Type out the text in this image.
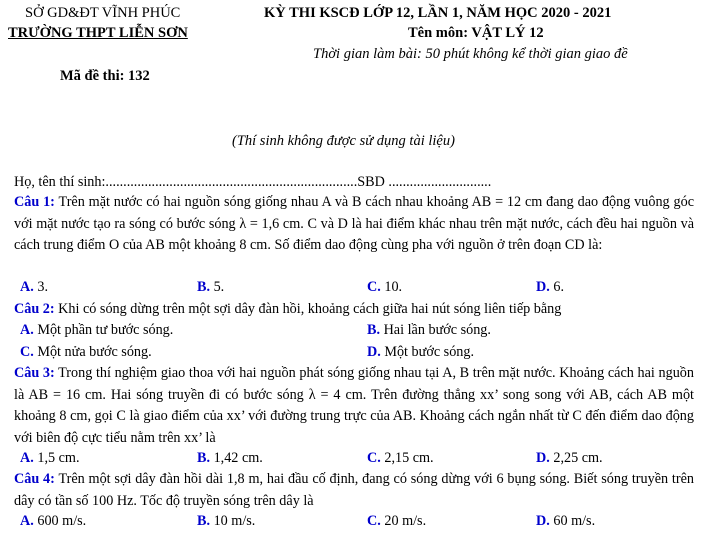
SỞ GD&ĐT VĨNH PHÚC
TRƯỜNG THPT LIỄN SƠN
KỲ THI KSCĐ LỚP 12, LẦN 1, NĂM HỌC 2020 - 2021
Tên môn: VẬT LÝ 12
Thời gian làm bài: 50 phút không kể thời gian giao đề
Mã đề thi: 132
(Thí sinh không được sử dụng tài liệu)
Họ, tên thí sinh:.......................................................................SBD .............................
Câu 1: Trên mặt nước có hai nguồn sóng giống nhau A và B cách nhau khoảng AB = 12 cm đang dao động vuông góc với mặt nước tạo ra sóng có bước sóng λ = 1,6 cm. C và D là hai điểm khác nhau trên mặt nước, cách đều hai nguồn và cách trung điểm O của AB một khoảng 8 cm. Số điểm dao động cùng pha với nguồn ở trên đoạn CD là:
A. 3.	B. 5.	C. 10.	D. 6.
Câu 2: Khi có sóng dừng trên một sợi dây đàn hồi, khoảng cách giữa hai nút sóng liên tiếp bằng
A. Một phần tư bước sóng.	B. Hai lần bước sóng.
C. Một nửa bước sóng.	D. Một bước sóng.
Câu 3: Trong thí nghiệm giao thoa với hai nguồn phát sóng giống nhau tại A, B trên mặt nước. Khoảng cách hai nguồn là AB = 16 cm. Hai sóng truyền đi có bước sóng λ = 4 cm. Trên đường thẳng xx’ song song với AB, cách AB một khoảng 8 cm, gọi C là giao điểm của xx’ với đường trung trực của AB. Khoảng cách ngắn nhất từ C đến điểm dao động với biên độ cực tiểu nằm trên xx’ là
A. 1,5 cm.	B. 1,42 cm.	C. 2,15 cm.	D. 2,25 cm.
Câu 4: Trên một sợi dây đàn hồi dài 1,8 m, hai đầu cố định, đang có sóng dừng với 6 bụng sóng. Biết sóng truyền trên dây có tần số 100 Hz. Tốc độ truyền sóng trên dây là
A. 600 m/s.	B. 10 m/s.	C. 20 m/s.	D. 60 m/s.
